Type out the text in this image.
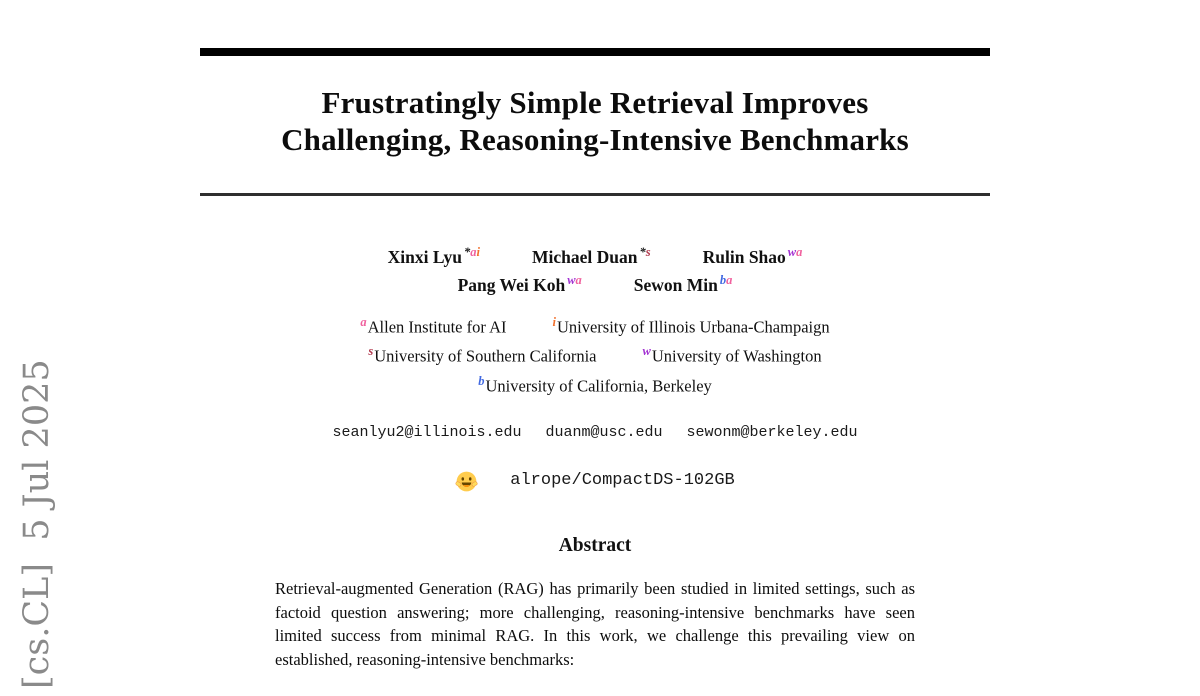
[cs.CL]  5 Jul 2025
Frustratingly Simple Retrieval Improves
Challenging, Reasoning-Intensive Benchmarks
Xinxi Lyu $^{*ai}$	Michael Duan $^{*s}$	Rulin Shao $^{wa}$
Pang Wei Koh $^{wa}$	Sewon Min $^{ba}$
$^a$Allen Institute for AI	$^i$University of Illinois Urbana-Champaign
$^s$University of Southern California	$^w$University of Washington
$^b$University of California, Berkeley
seanlyu2@illinois.edu duanm@usc.edu sewonm@berkeley.edu
alrope/CompactDS-102GB
Abstract

Retrieval-augmented Generation (RAG) has primarily been studied in limited settings, such as factoid question answering; more challenging, reasoning-intensive benchmarks have seen limited success from minimal RAG. In this work, we challenge this prevailing view on established, reasoning-intensive benchmarks:
